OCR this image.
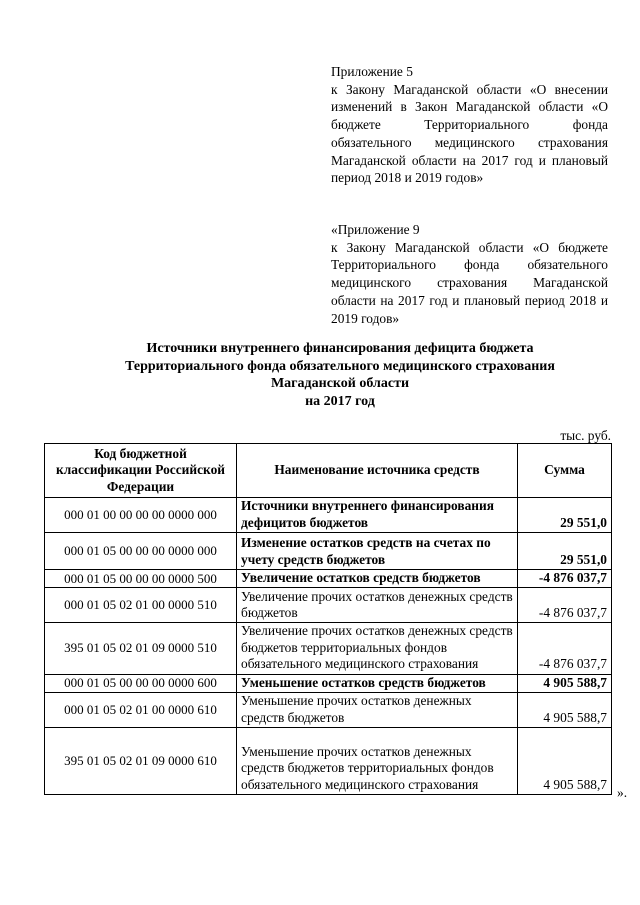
Приложение 5

к Закону Магаданской области «О внесении изменений в Закон Магаданской области «О бюджете Территориального фонда обязательного медицинского страхования Магаданской области на 2017 год и плановый период 2018 и 2019 годов»

«Приложение 9

к Закону Магаданской области «О бюджете Территориального фонда обязательного медицинского страхования Магаданской области на 2017 год и плановый период 2018 и 2019 годов»

Источники внутреннего финансирования дефицита бюджета
Территориального фонда обязательного медицинского страхования
Магаданской области
на 2017 год
тыс. руб.
Код бюджетной классификации Российской Федерации	Наименование источника средств	Сумма
000 01 00 00 00 00 0000 000	Источники внутреннего финансирования дефицитов бюджетов	29 551,0
000 01 05 00 00 00 0000 000	Изменение остатков средств на счетах по учету средств бюджетов	29 551,0
000 01 05 00 00 00 0000 500	Увеличение остатков средств бюджетов	-4 876 037,7
000 01 05 02 01 00 0000 510	Увеличение прочих остатков денежных средств бюджетов	-4 876 037,7
395 01 05 02 01 09 0000 510	Увеличение прочих остатков денежных средств бюджетов территориальных фондов обязательного медицинского страхования	-4 876 037,7
000 01 05 00 00 00 0000 600	Уменьшение остатков средств бюджетов	4 905 588,7
000 01 05 02 01 00 0000 610	Уменьшение прочих остатков денежных средств бюджетов	4 905 588,7
395 01 05 02 01 09 0000 610	Уменьшение прочих остатков денежных средств бюджетов территориальных фондов обязательного медицинского страхования	4 905 588,7
».
